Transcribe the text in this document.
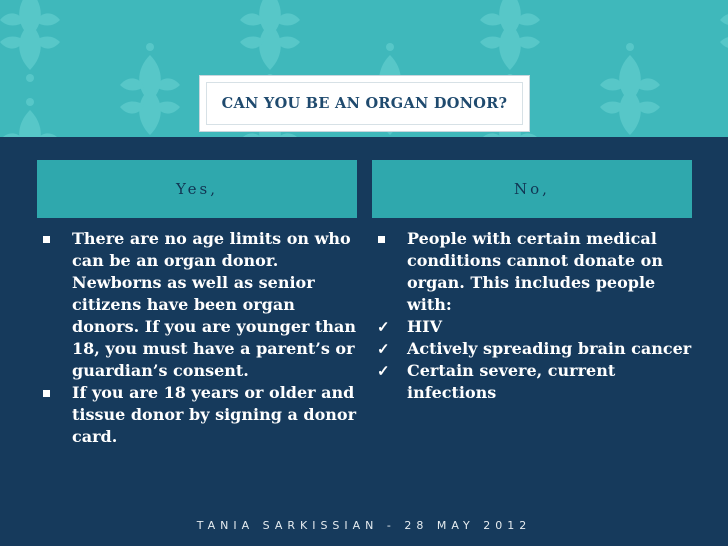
CAN YOU BE AN ORGAN DONOR?
Yes,	No,
There are no age limits on who can be an organ donor. Newborns as well as senior citizens have been organ donors. If you are younger than 18, you must have a parent’s or guardian’s consent.
If you are 18 years or older and tissue donor by signing a donor card.
People with certain medical conditions cannot donate on organ. This includes people with:
✓ HIV
✓ Actively spreading brain cancer
✓ Certain severe, current infections
TANIA SARKISSIAN - 28 MAY 2012
